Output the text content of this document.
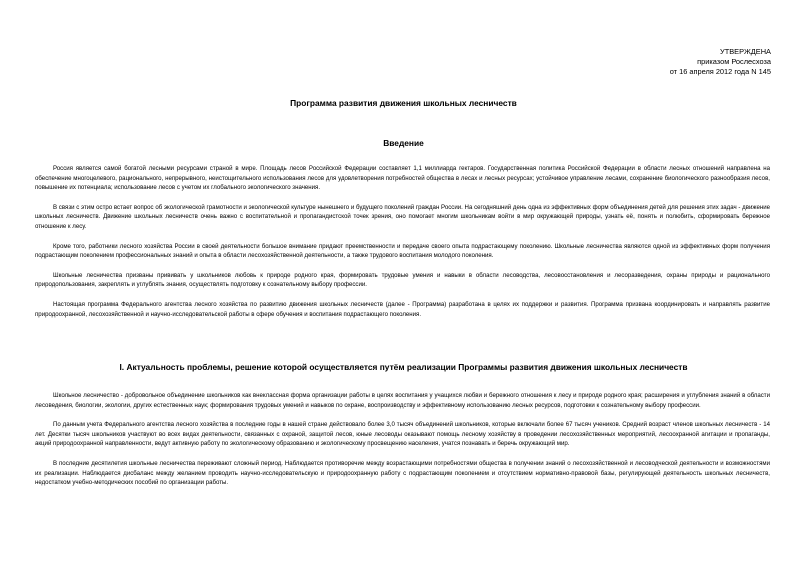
УТВЕРЖДЕНА
приказом Рослесхоза
от 16 апреля 2012 года N 145
Программа развития движения школьных лесничеств
Введение

Россия является самой богатой лесными ресурсами страной в мире. Площадь лесов Российской Федерации составляет 1,1 миллиарда гектаров. Государственная политика Российской Федерации в области лесных отношений направлена на обеспечение многоцелевого, рационального, непрерывного, неистощительного использования лесов для удовлетворения потребностей общества в лесах и лесных ресурсах; устойчивое управление лесами, сохранение биологического разнообразия лесов, повышение их потенциала; использование лесов с учетом их глобального экологического значения.

В связи с этим остро встает вопрос об экологической грамотности и экологической культуре нынешнего и будущего поколений граждан России. На сегодняшний день одна из эффективных форм объединения детей для решения этих задач - движение школьных лесничеств. Движение школьных лесничеств очень важно с воспитательной и пропагандистской точек зрения, оно помогает многим школьникам войти в мир окружающей природы, узнать её, понять и полюбить, сформировать бережное отношение к лесу.

Кроме того, работники лесного хозяйства России в своей деятельности большое внимание придают преемственности и передаче своего опыта подрастающему поколению. Школьные лесничества являются одной из эффективных форм получения подрастающим поколением профессиональных знаний и опыта в области лесохозяйственной деятельности, а также трудового воспитания молодого поколения.

Школьные лесничества призваны прививать у школьников любовь к природе родного края, формировать трудовые умения и навыки в области лесоводства, лесовосстановления и лесоразведения, охраны природы и рационального природопользования, закреплять и углублять знания, осуществлять подготовку к сознательному выбору профессии.

Настоящая программа Федерального агентства лесного хозяйства по развитию движения школьных лесничеств (далее - Программа) разработана в целях их поддержки и развития. Программа призвана координировать и направлять развитие природоохранной, лесохозяйственной и научно-исследовательской работы в сфере обучения и воспитания подрастающего поколения.

I. Актуальность проблемы, решение которой осуществляется путём реализации Программы развития движения школьных лесничеств

Школьное лесничество - добровольное объединение школьников как внеклассная форма организации работы в целях воспитания у учащихся любви и бережного отношения к лесу и природе родного края; расширения и углубления знаний в области лесоведения, биологии, экологии, других естественных наук; формирования трудовых умений и навыков по охране, воспроизводству и эффективному использованию лесных ресурсов, подготовки к сознательному выбору профессии.

По данным учета Федерального агентства лесного хозяйства в последние годы в нашей стране действовало более 3,0 тысяч объединений школьников, которые включали более 67 тысяч учеников. Средний возраст членов школьных лесничеств - 14 лет. Десятки тысяч школьников участвуют во всех видах деятельности, связанных с охраной, защитой лесов, юные лесоводы оказывают помощь лесному хозяйству в проведении лесохозяйственных мероприятий, лесоохранной агитации и пропаганды, акций природоохранной направленности, ведут активную работу по экологическому образованию и экологическому просвещению населения, учатся познавать и беречь окружающий мир.

В последние десятилетия школьные лесничества переживают сложный период. Наблюдается противоречие между возрастающими потребностями общества в получении знаний о лесохозяйственной и лесоводческой деятельности и возможностями их реализации. Наблюдается дисбаланс между желанием проводить научно-исследовательскую и природоохранную работу с подрастающим поколением и отсутствием нормативно-правовой базы, регулирующей деятельность школьных лесничеств, недостатком учебно-методических пособий по организации работы.
